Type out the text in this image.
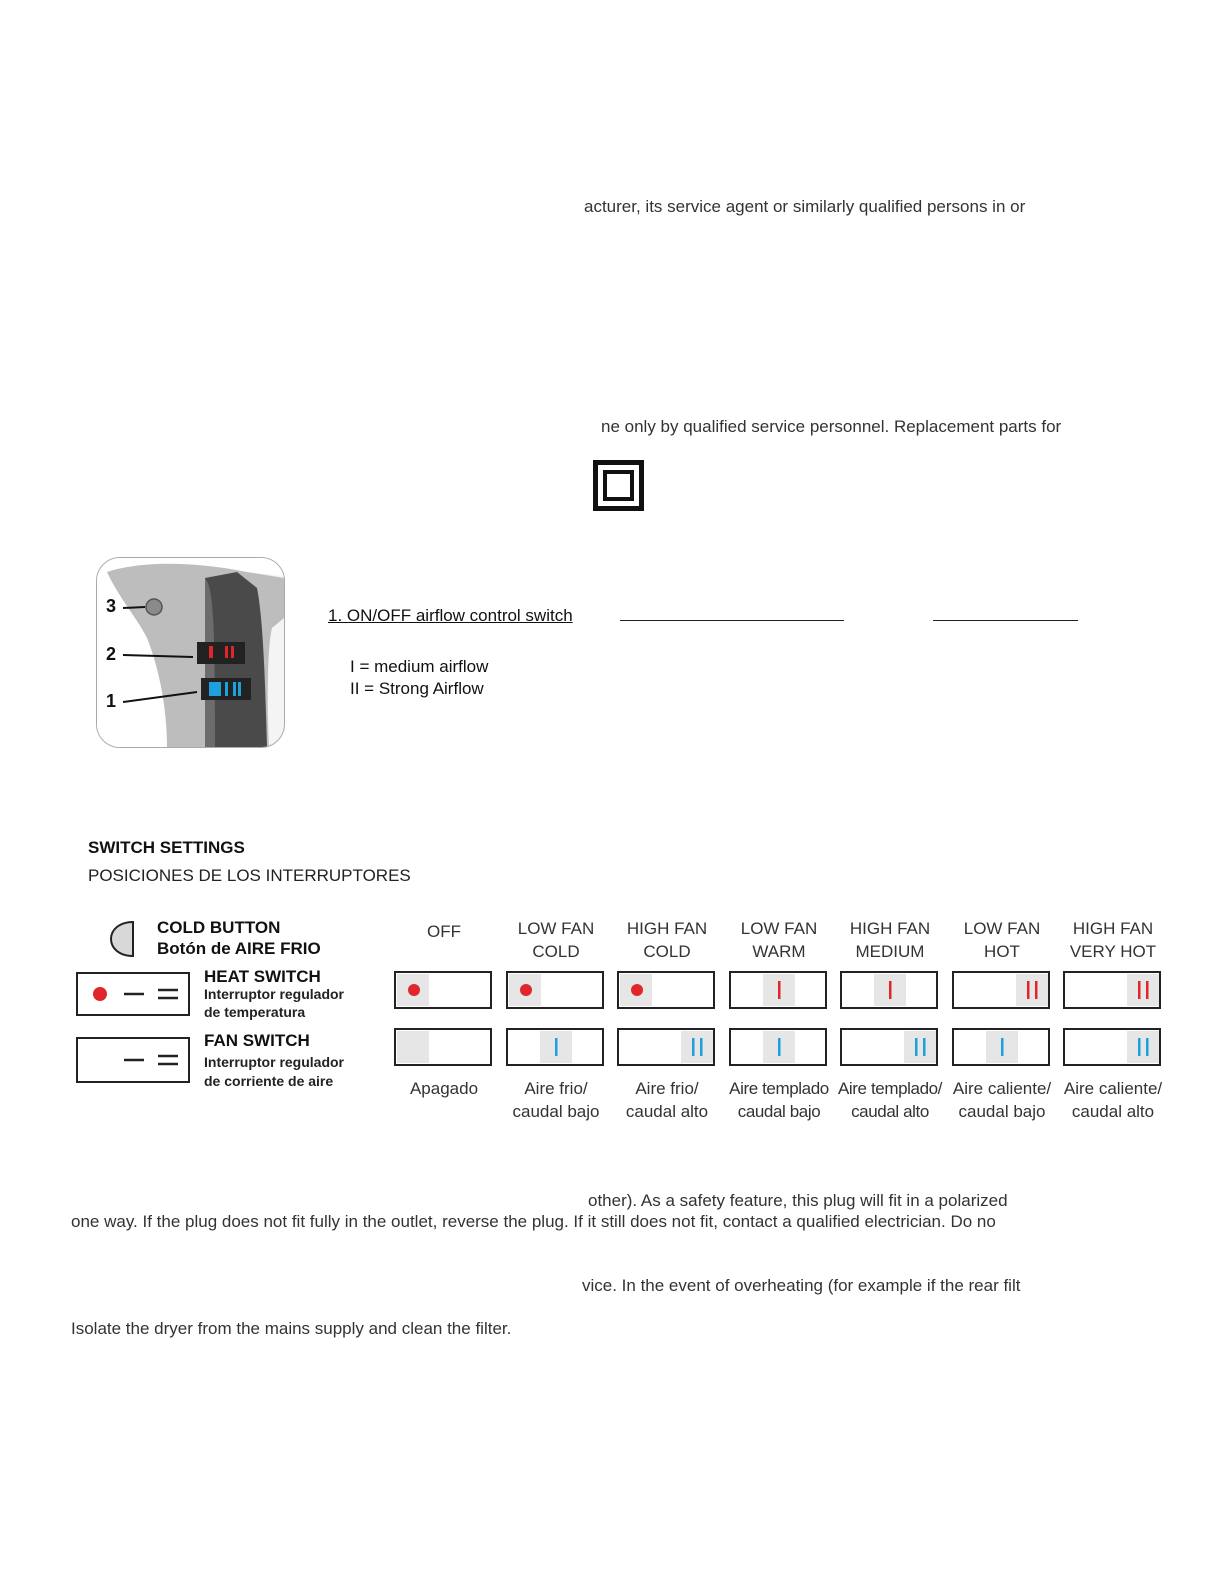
acturer, its service agent or similarly qualified persons in or
ne only by qualified service personnel. Replacement parts for
3
2
1
1. ON/OFF airflow control switch
I = medium airflow
II = Strong Airflow
SWITCH SETTINGS
POSICIONES DE LOS INTERRUPTORES
COLD BUTTON
Botón de AIRE FRIO
HEAT SWITCH
Interruptor regulador
de temperatura
FAN SWITCH
Interruptor regulador
de corriente de aire
OFF
Apagado
LOW FAN
COLD
Aire frio/
caudal bajo
HIGH FAN
COLD
Aire frio/
caudal alto
LOW FAN
WARM
Aire templado
caudal bajo
HIGH FAN
MEDIUM
Aire templado/
caudal alto
LOW FAN
HOT
Aire caliente/
caudal bajo
HIGH FAN
VERY HOT
Aire caliente/
caudal alto
other). As a safety feature, this plug will fit in a polarized
one way. If the plug does not fit fully in the outlet, reverse the plug. If it still does not fit, contact a qualified electrician. Do no
vice. In the event of overheating (for example if the rear filt
Isolate the dryer from the mains supply and clean the filter.
